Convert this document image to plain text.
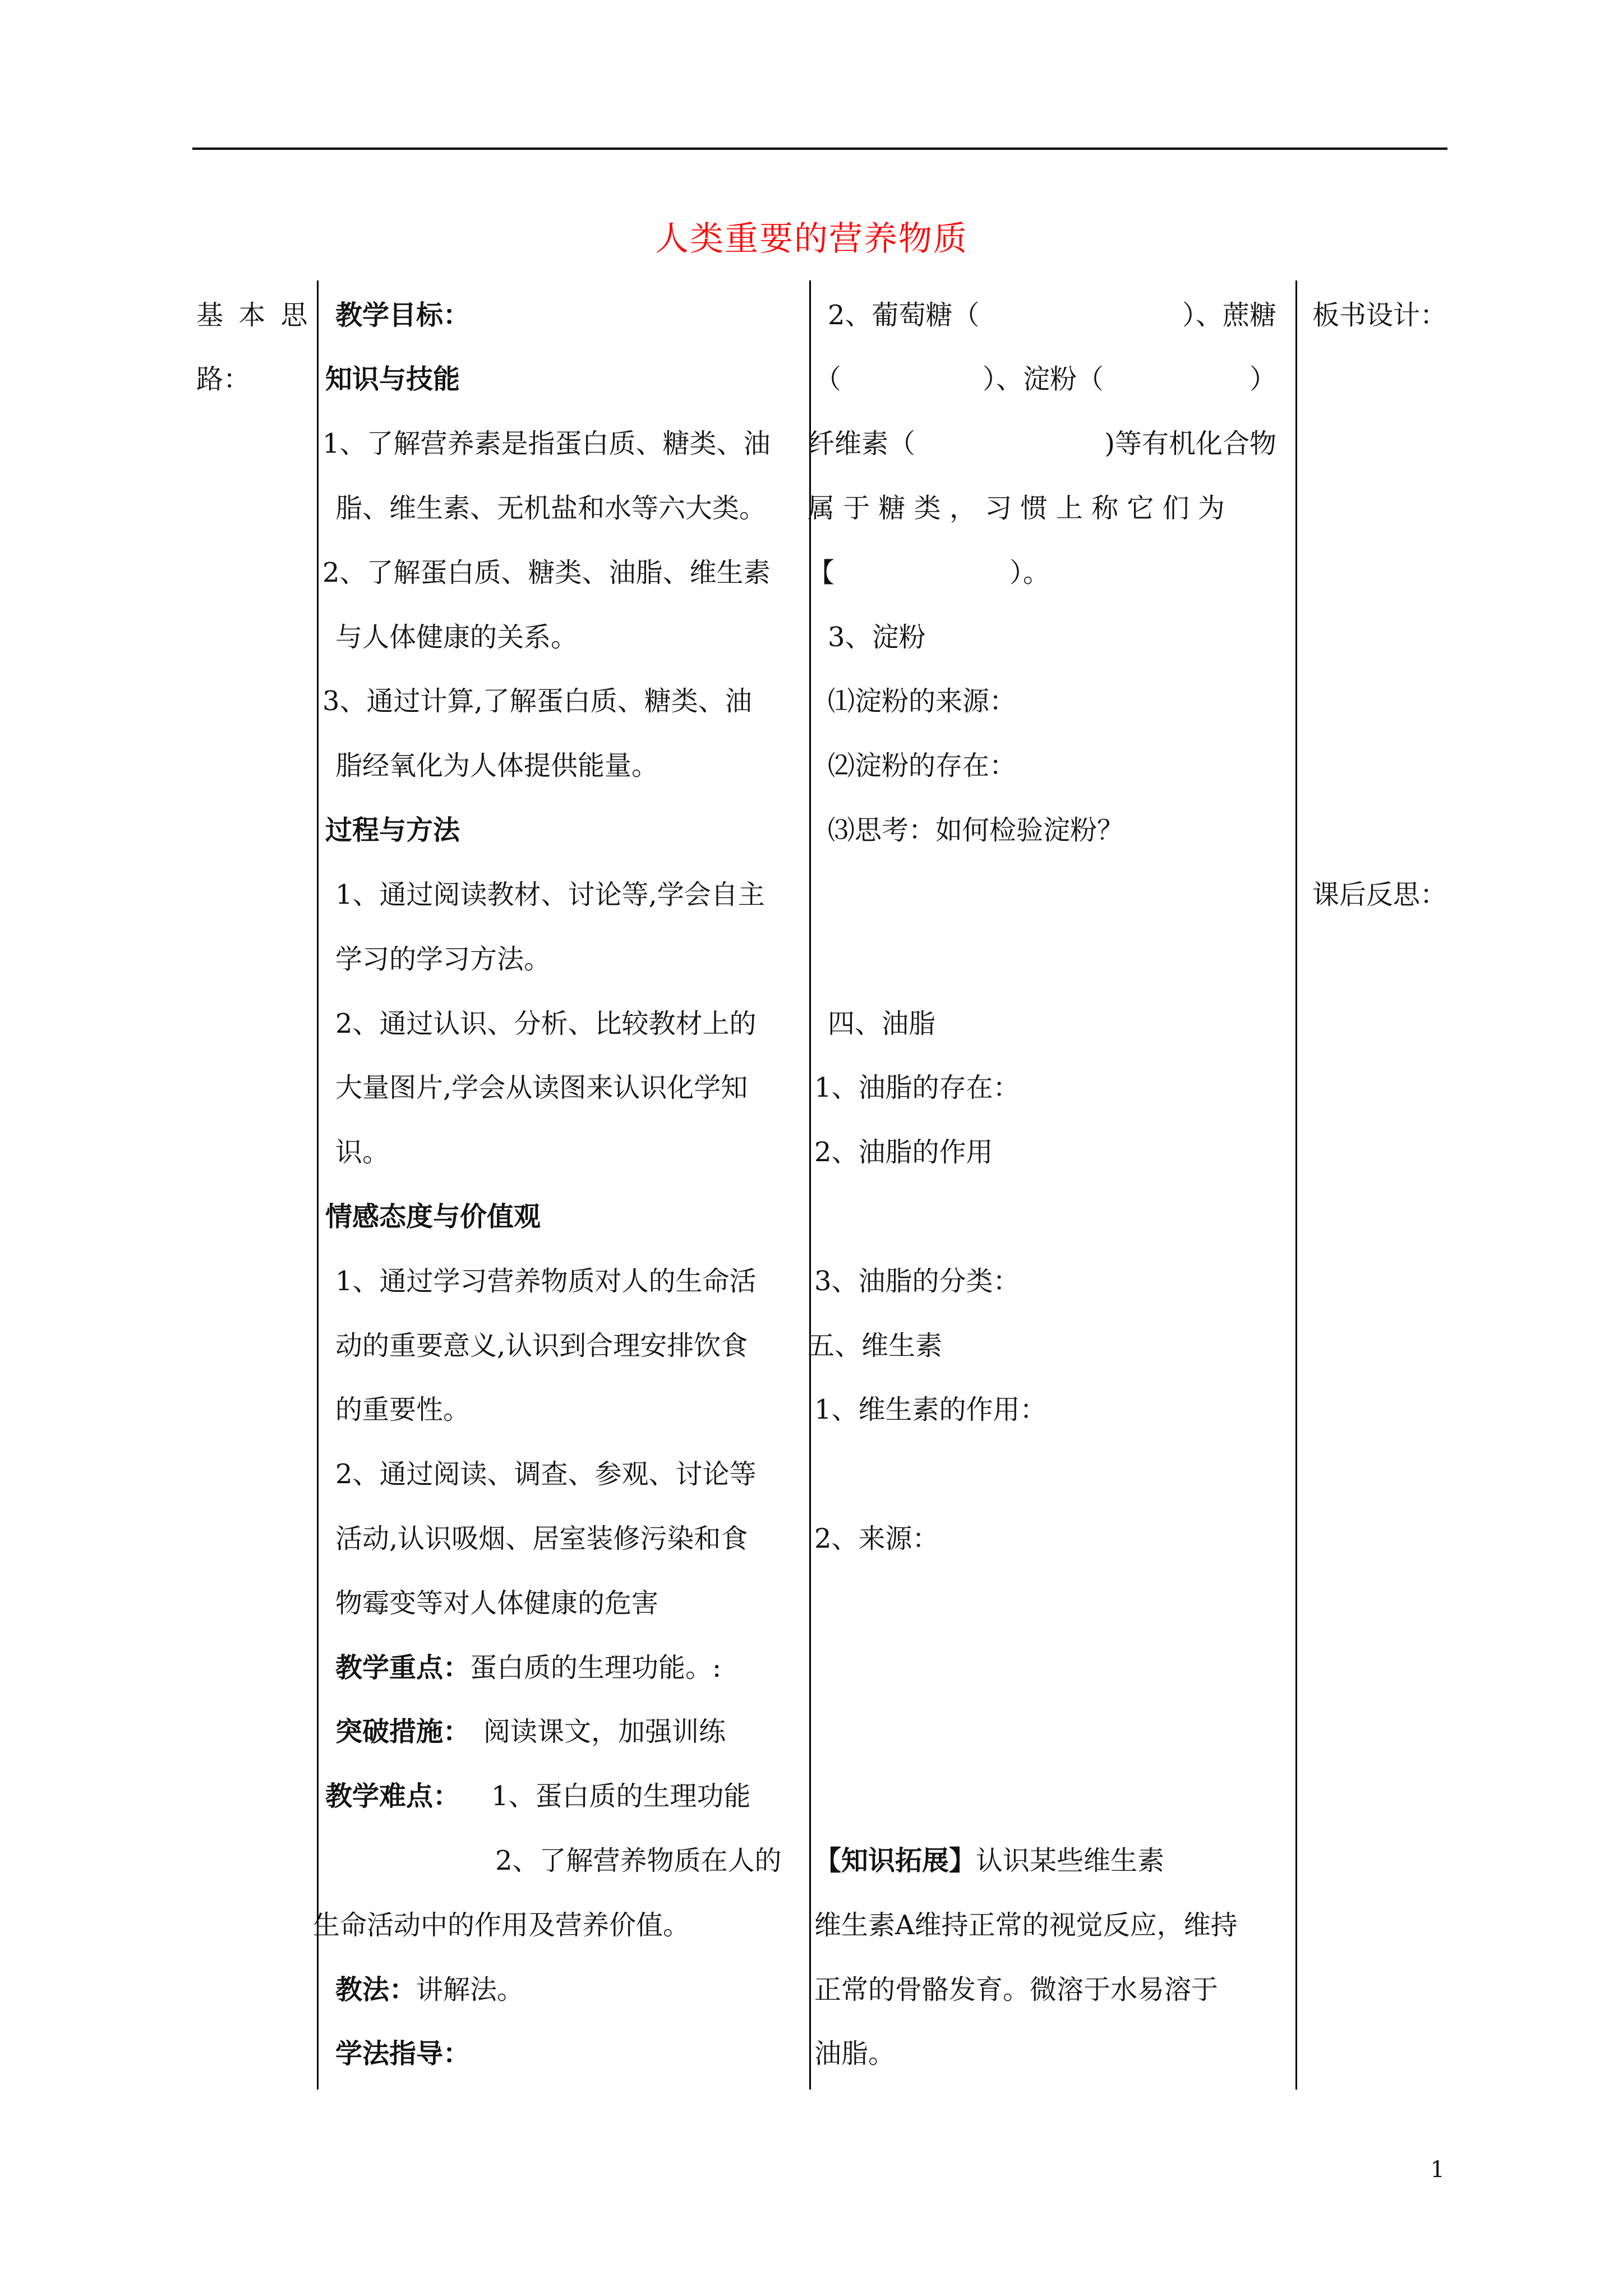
人类重要的营养物质
基 本 思
路：
教学目标：
知识与技能
1、了解营养素是指蛋白质、糖类、油
脂、维生素、无机盐和水等六大类。
2、了解蛋白质、糖类、油脂、维生素
与人体健康的关系。
3、通过计算,了解蛋白质、糖类、油
脂经氧化为人体提供能量。
过程与方法
1、通过阅读教材、讨论等,学会自主
学习的学习方法。
2、通过认识、分析、比较教材上的
大量图片,学会从读图来认识化学知
识。
情感态度与价值观
1、通过学习营养物质对人的生命活
动的重要意义,认识到合理安排饮食
的重要性。
2、通过阅读、调查、参观、讨论等
活动,认识吸烟、居室装修污染和食
物霉变等对人体健康的危害
教学重点：蛋白质的生理功能。:
突破措施： 阅读课文，加强训练
教学难点： 1、蛋白质的生理功能
2、了解营养物质在人的
生命活动中的作用及营养价值。
教法：讲解法。
学法指导：
2、葡萄糖（	）、蔗糖
（	）、淀粉（	）
纤维素（	)等有机化合物
属 于 糖 类 ， 习 惯 上 称 它 们 为
【	）。
3、淀粉
⑴淀粉的来源：
⑵淀粉的存在：
⑶思考：如何检验淀粉？
四、油脂
1、油脂的存在：
2、油脂的作用
3、油脂的分类：
五、维生素
1、维生素的作用：
2、来源：
【知识拓展】认识某些维生素
维生素A维持正常的视觉反应，维持
正常的骨骼发育。微溶于水易溶于
油脂。
板书设计：
课后反思：
1
